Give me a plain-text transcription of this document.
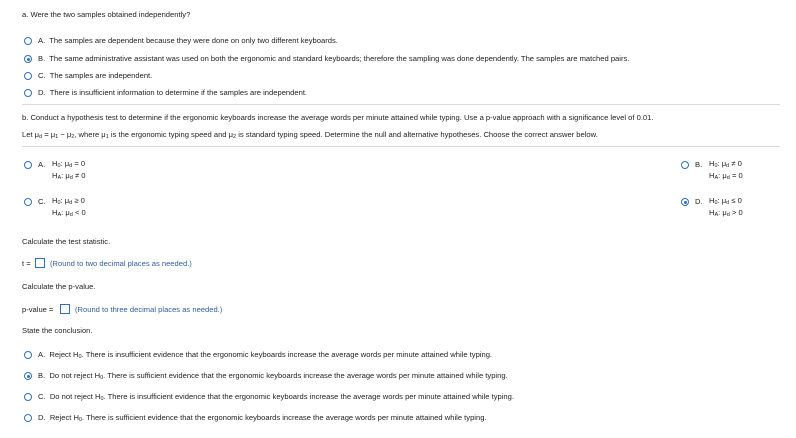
a. Were the two samples obtained independently?
A. The samples are dependent because they were done on only two different keyboards.
B. The same administrative assistant was used on both the ergonomic and standard keyboards; therefore the sampling was done dependently. The samples are matched pairs.
C. The samples are independent.
D. There is insufficient information to determine if the samples are independent.
b. Conduct a hypothesis test to determine if the ergonomic keyboards increase the average words per minute attained while typing. Use a p-value approach with a significance level of 0.01.
Let $\mu_d = \mu_1 - \mu_2$, where $\mu_1$ is the ergonomic typing speed and $\mu_2$ is standard typing speed. Determine the null and alternative hypotheses. Choose the correct answer below.
A. $H_0$: $\mu_d = 0$
$H_A$: $\mu_d \ne 0$
B. $H_0$: $\mu_d \ne 0$
$H_A$: $\mu_d = 0$
C. $H_0$: $\mu_d \ge 0$
$H_A$: $\mu_d < 0$
D. $H_0$: $\mu_d \le 0$
$H_A$: $\mu_d > 0$
Calculate the test statistic.
t =	(Round to two decimal places as needed.)
Calculate the p-value.
p-value =	(Round to three decimal places as needed.)
State the conclusion.
A. Reject $H_0$. There is insufficient evidence that the ergonomic keyboards increase the average words per minute attained while typing.
B. Do not reject $H_0$. There is sufficient evidence that the ergonomic keyboards increase the average words per minute attained while typing.
C. Do not reject $H_0$. There is insufficient evidence that the ergonomic keyboards increase the average words per minute attained while typing.
D. Reject $H_0$. There is sufficient evidence that the ergonomic keyboards increase the average words per minute attained while typing.
